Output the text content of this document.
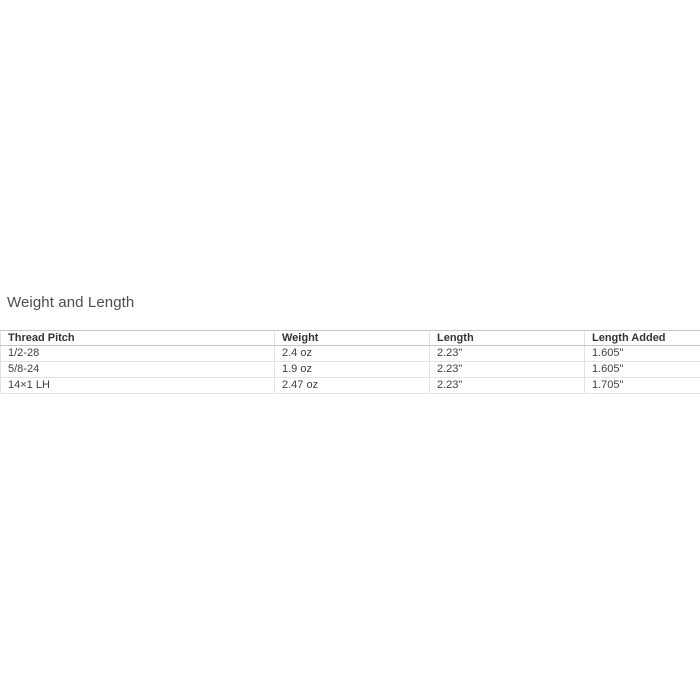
Weight and Length
Thread Pitch	Weight	Length	Length Added
1/2-28	2.4 oz	2.23"	1.605"
5/8-24	1.9 oz	2.23"	1.605"
14×1 LH	2.47 oz	2.23"	1.705"
